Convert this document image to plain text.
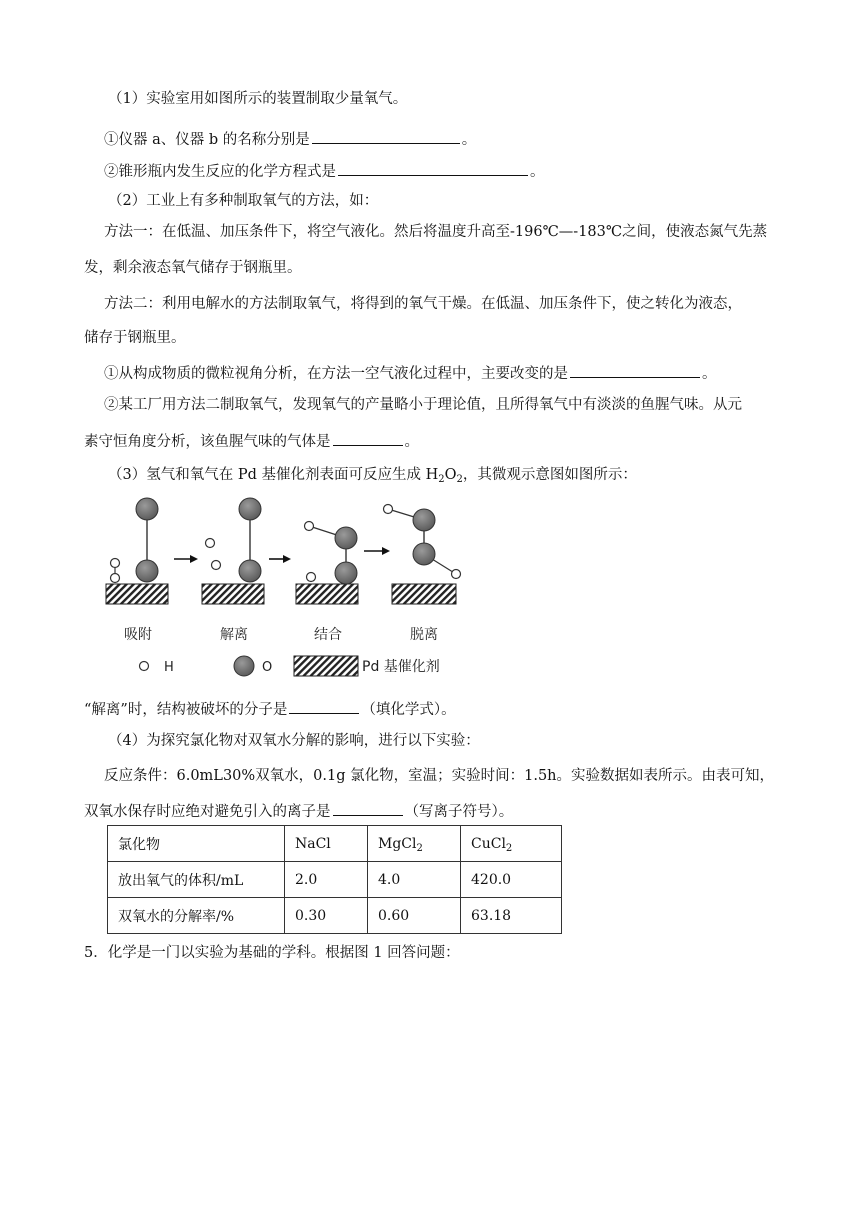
（1）实验室用如图所示的装置制取少量氧气。
①仪器 a、仪器 b 的名称分别是	。
②锥形瓶内发生反应的化学方程式是	。
（2）工业上有多种制取氧气的方法，如：
方法一：在低温、加压条件下，将空气液化。然后将温度升高至-196℃—-183℃之间，使液态氮气先蒸
发，剩余液态氧气储存于钢瓶里。
方法二：利用电解水的方法制取氧气，将得到的氧气干燥。在低温、加压条件下，使之转化为液态，
储存于钢瓶里。
①从构成物质的微粒视角分析，在方法一空气液化过程中，主要改变的是	。
②某工厂用方法二制取氧气，发现氧气的产量略小于理论值，且所得氧气中有淡淡的鱼腥气味。从元
素守恒角度分析，该鱼腥气味的气体是	。
（3）氢气和氧气在 Pd 基催化剂表面可反应生成 $H_2O_2$，其微观示意图如图所示：
吸附	解离	结合	脱离
H	O	Pd 基催化剂
“解离”时，结构被破坏的分子是	（填化学式）。
（4）为探究氯化物对双氧水分解的影响，进行以下实验：
反应条件：6.0mL30%双氧水，0.1g 氯化物，室温；实验时间：1.5h。实验数据如表所示。由表可知，
双氧水保存时应绝对避免引入的离子是	（写离子符号）。
氯化物	NaCl	MgCl$_2$	CuCl$_2$
放出氧气的体积/mL	2.0	4.0	420.0
双氧水的分解率/%	0.30	0.60	63.18
5．化学是一门以实验为基础的学科。根据图 1 回答问题：
